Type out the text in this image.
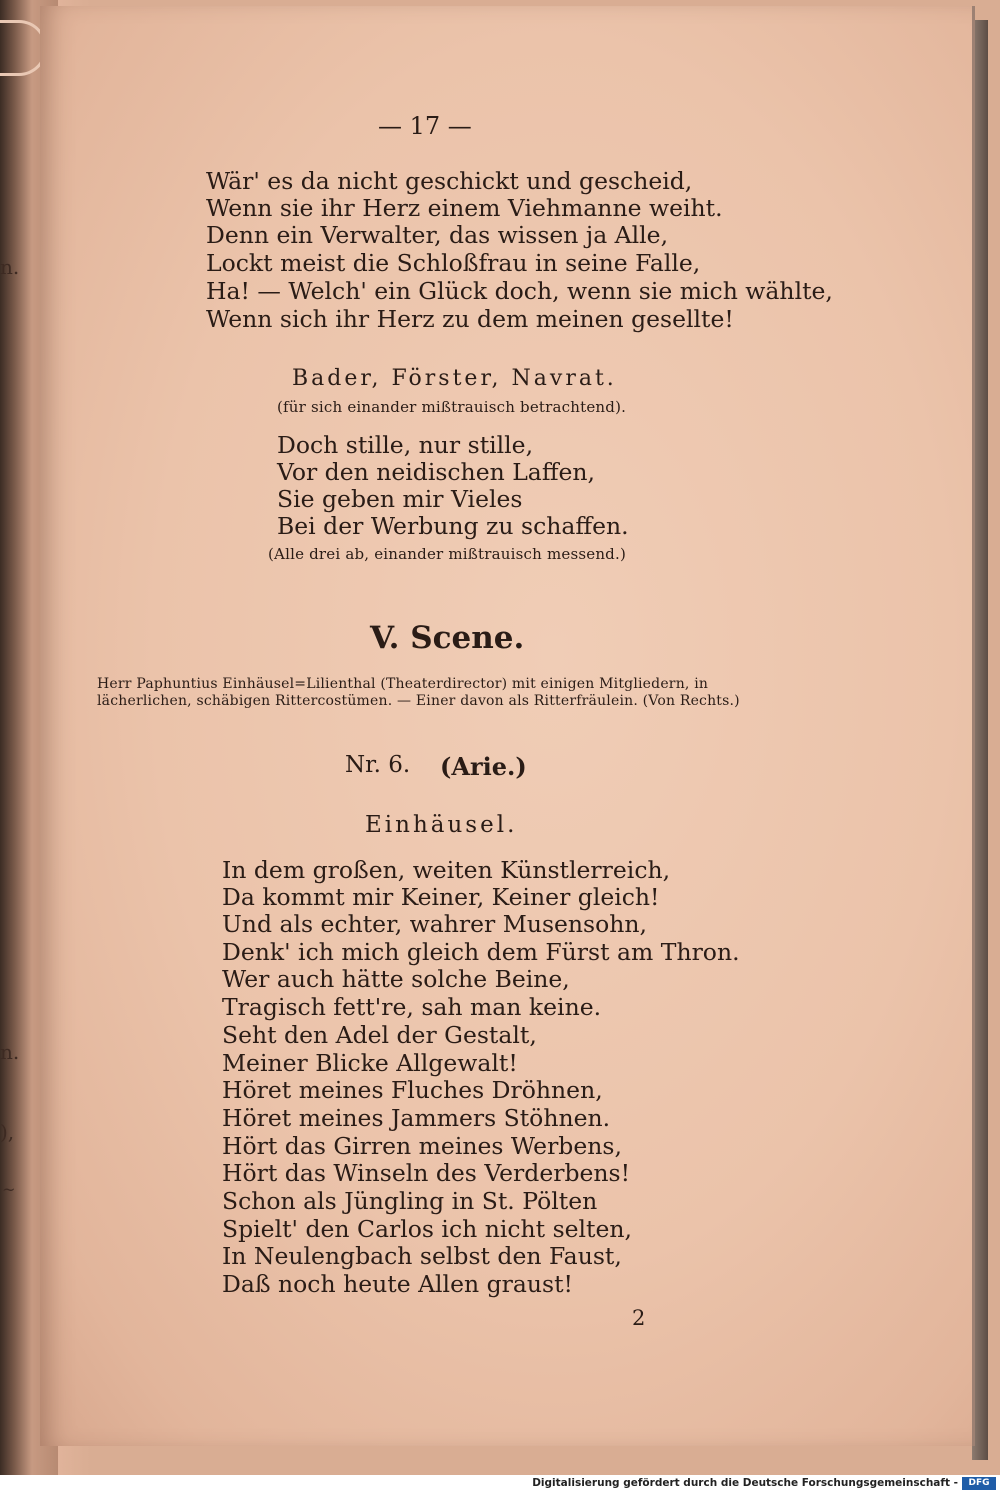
n.
n.
),
~
— 17 —
Wär' es da nicht geschickt und gescheid,
Wenn sie ihr Herz einem Viehmanne weiht.
Denn ein Verwalter, das wissen ja Alle,
Lockt meist die Schloßfrau in seine Falle,
Ha! — Welch' ein Glück doch, wenn sie mich wählte,
Wenn sich ihr Herz zu dem meinen gesellte!
Bader, Förster, Navrat.
(für sich einander mißtrauisch betrachtend).
Doch stille, nur stille,
Vor den neidischen Laffen,
Sie geben mir Vieles
Bei der Werbung zu schaffen.
(Alle drei ab, einander mißtrauisch messend.)
V. Scene.
Herr Paphuntius Einhäusel=Lilienthal (Theaterdirector) mit einigen Mitgliedern, in
lächerlichen, schäbigen Rittercostümen. — Einer davon als Ritterfräulein. (Von Rechts.)
Nr. 6. (Arie.)
Einhäusel.
In dem großen, weiten Künstlerreich,
Da kommt mir Keiner, Keiner gleich!
Und als echter, wahrer Musensohn,
Denk' ich mich gleich dem Fürst am Thron.
Wer auch hätte solche Beine,
Tragisch fett're, sah man keine.
Seht den Adel der Gestalt,
Meiner Blicke Allgewalt!
Höret meines Fluches Dröhnen,
Höret meines Jammers Stöhnen.
Hört das Girren meines Werbens,
Hört das Winseln des Verderbens!
Schon als Jüngling in St. Pölten
Spielt' den Carlos ich nicht selten,
In Neulengbach selbst den Faust,
Daß noch heute Allen graust!
2
Digitalisierung gefördert durch die Deutsche Forschungsgemeinschaft -	DFG
